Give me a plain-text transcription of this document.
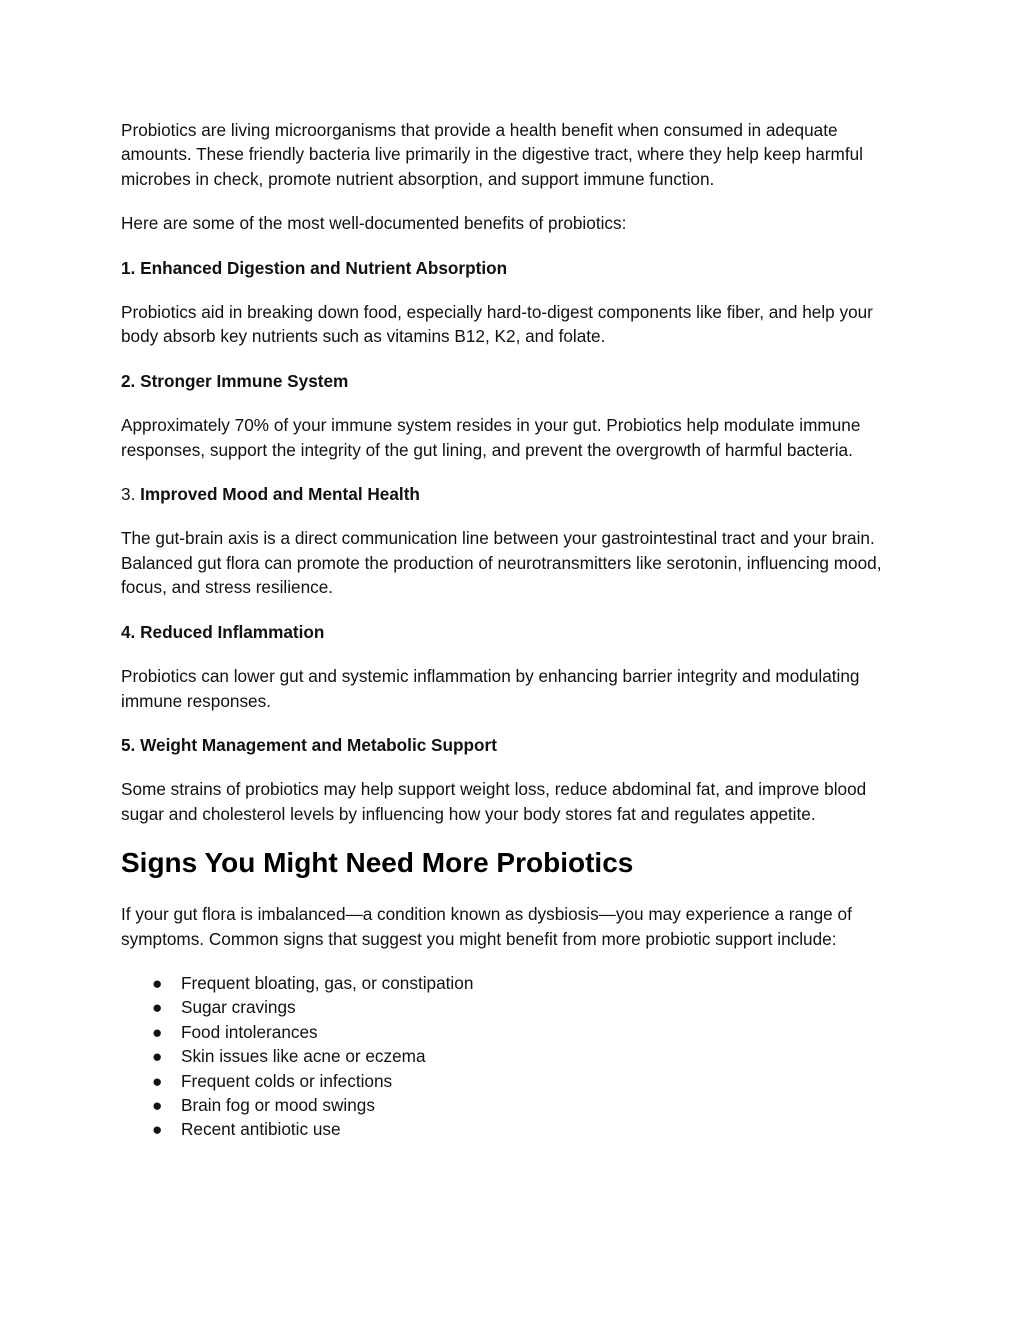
Probiotics are living microorganisms that provide a health benefit when consumed in adequate amounts. These friendly bacteria live primarily in the digestive tract, where they help keep harmful microbes in check, promote nutrient absorption, and support immune function.

Here are some of the most well-documented benefits of probiotics:

1. Enhanced Digestion and Nutrient Absorption

Probiotics aid in breaking down food, especially hard-to-digest components like fiber, and help your body absorb key nutrients such as vitamins B12, K2, and folate.

2. Stronger Immune System

Approximately 70% of your immune system resides in your gut. Probiotics help modulate immune responses, support the integrity of the gut lining, and prevent the overgrowth of harmful bacteria.

3. Improved Mood and Mental Health

The gut-brain axis is a direct communication line between your gastrointestinal tract and your brain. Balanced gut flora can promote the production of neurotransmitters like serotonin, influencing mood, focus, and stress resilience.

4. Reduced Inflammation

Probiotics can lower gut and systemic inflammation by enhancing barrier integrity and modulating immune responses.

5. Weight Management and Metabolic Support

Some strains of probiotics may help support weight loss, reduce abdominal fat, and improve blood sugar and cholesterol levels by influencing how your body stores fat and regulates appetite.

Signs You Might Need More Probiotics

If your gut flora is imbalanced—a condition known as dysbiosis—you may experience a range of symptoms. Common signs that suggest you might benefit from more probiotic support include:

● Frequent bloating, gas, or constipation
● Sugar cravings
● Food intolerances
● Skin issues like acne or eczema
● Frequent colds or infections
● Brain fog or mood swings
● Recent antibiotic use
